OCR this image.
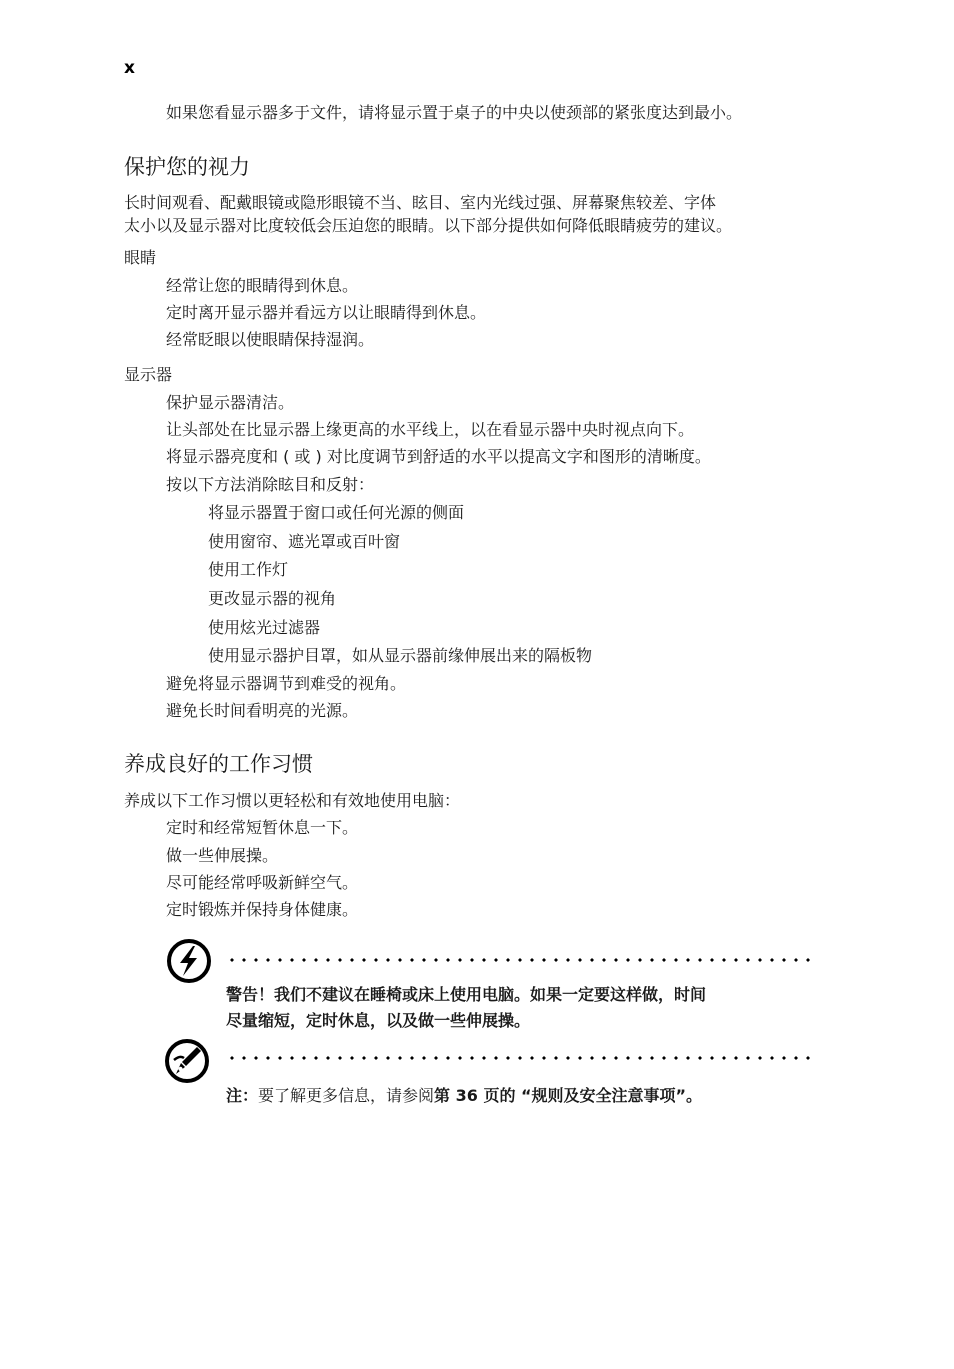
x
如果您看显示器多于文件，请将显示置于桌子的中央以使颈部的紧张度达到最小。
保护您的视力
长时间观看、配戴眼镜或隐形眼镜不当、眩目、室内光线过强、屏幕聚焦较差、字体
太小以及显示器对比度较低会压迫您的眼睛。以下部分提供如何降低眼睛疲劳的建议。
眼睛
经常让您的眼睛得到休息。
定时离开显示器并看远方以让眼睛得到休息。
经常眨眼以使眼睛保持湿润。
显示器
保护显示器清洁。
让头部处在比显示器上缘更高的水平线上，以在看显示器中央时视点向下。
将显示器亮度和 ( 或 ) 对比度调节到舒适的水平以提高文字和图形的清晰度。
按以下方法消除眩目和反射：
将显示器置于窗口或任何光源的侧面
使用窗帘、遮光罩或百叶窗
使用工作灯
更改显示器的视角
使用炫光过滤器
使用显示器护目罩，如从显示器前缘伸展出来的隔板物
避免将显示器调节到难受的视角。
避免长时间看明亮的光源。
养成良好的工作习惯
养成以下工作习惯以更轻松和有效地使用电脑：
定时和经常短暂休息一下。
做一些伸展操。
尽可能经常呼吸新鲜空气。
定时锻炼并保持身体健康。
警告！我们不建议在睡椅或床上使用电脑。如果一定要这样做，时间
尽量缩短，定时休息，以及做一些伸展操。
注：要了解更多信息，请参阅第 36 页的 “规则及安全注意事项”。
